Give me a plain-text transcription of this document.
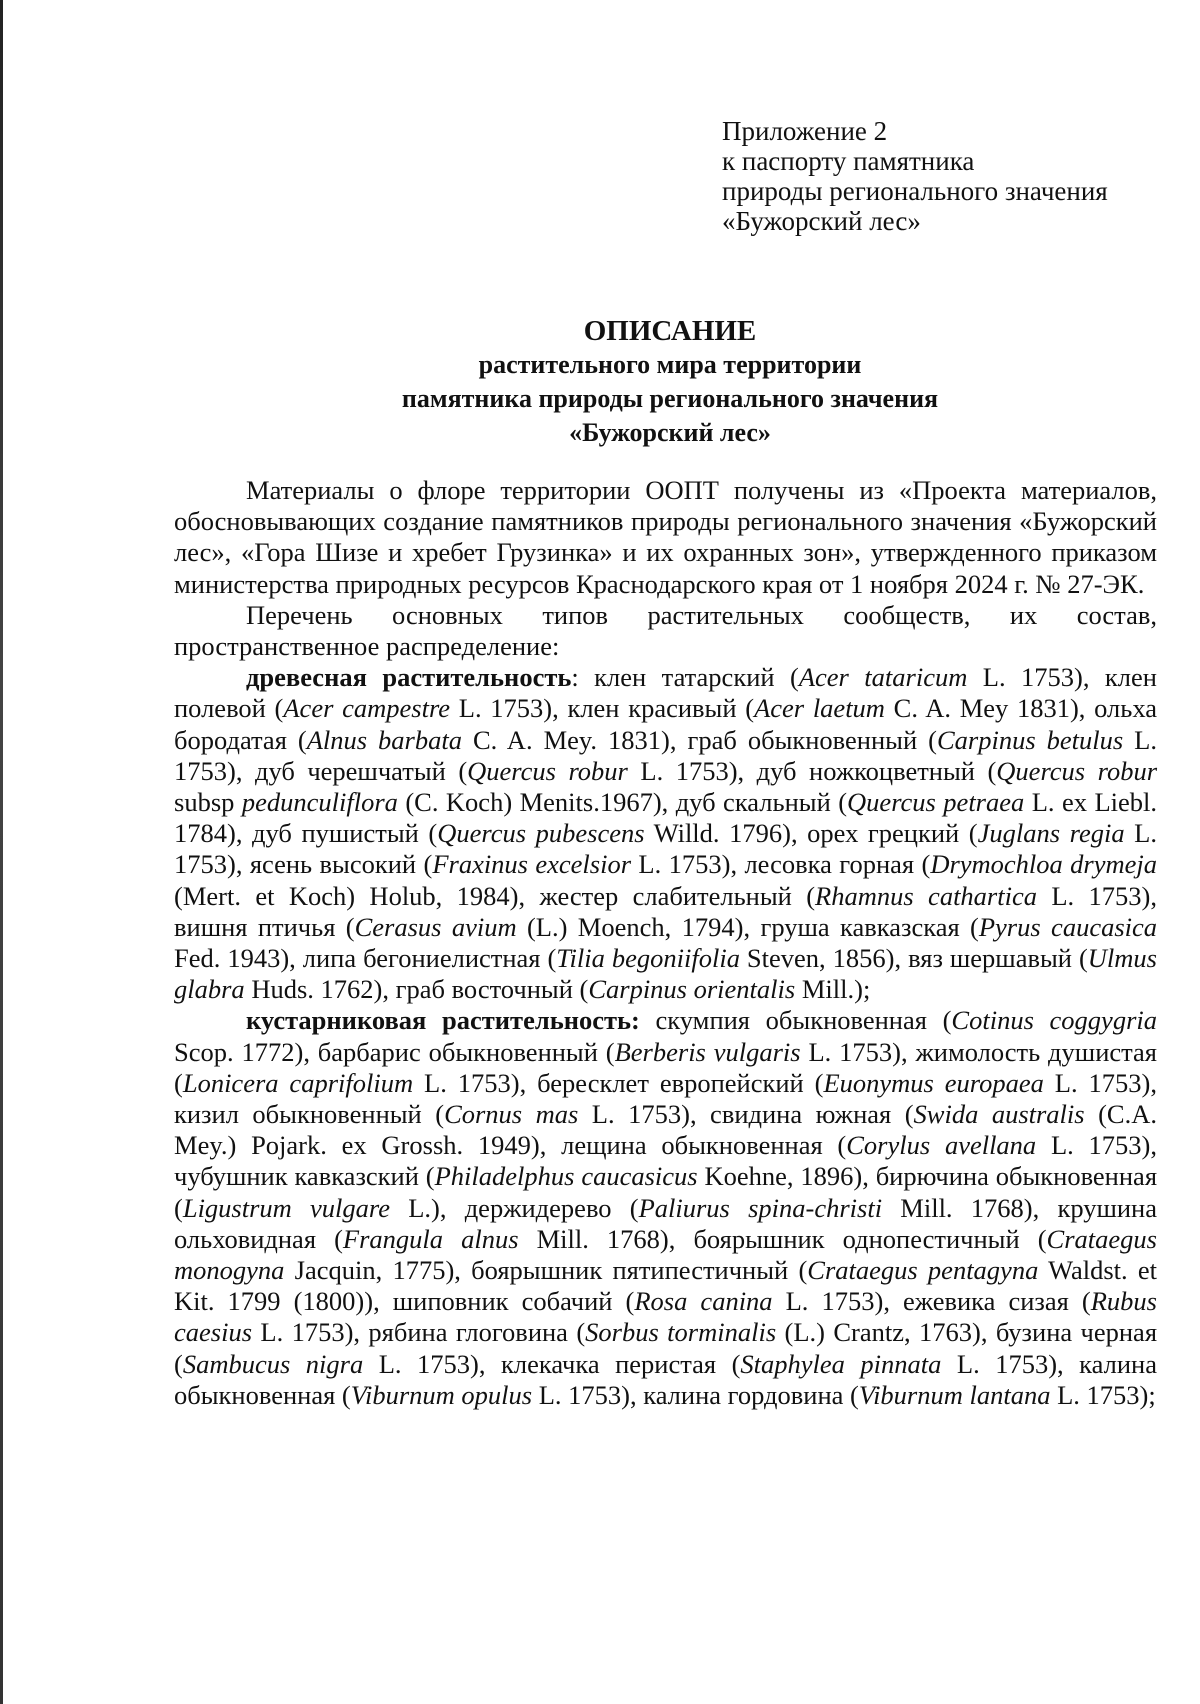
Приложение 2
к паспорту памятника
природы регионального значения
«Бужорский лес»
ОПИСАНИЕ
растительного мира территории
памятника природы регионального значения
«Бужорский лес»

Материалы о флоре территории ООПТ получены из «Проекта материалов, обосновывающих создание памятников природы регионального значения «Бужорский лес», «Гора Шизе и хребет Грузинка» и их охранных зон», утвержденного приказом министерства природных ресурсов Краснодарского края от 1 ноября 2024 г. № 27-ЭК.

Перечень основных типов растительных сообществ, их состав, пространственное распределение:

древесная растительность: клен татарский (Acer tataricum L. 1753), клен полевой (Acer campestre L. 1753), клен красивый (Acer laetum C. A. Mey 1831), ольха бородатая (Alnus barbata C. A. Mey. 1831), граб обыкновенный (Carpinus betulus L. 1753), дуб черешчатый (Quercus robur L. 1753), дуб ножкоцветный (Quercus robur subsp pedunculiflora (C. Koch) Menits.1967), дуб скальный (Quercus petraea L. ex Liebl. 1784), дуб пушистый (Quercus pubescens Willd. 1796), орех грецкий (Juglans regia L. 1753), ясень высокий (Fraxinus excelsior L. 1753), лесовка горная (Drymochloa drymeja (Mert. et Koch) Holub, 1984), жестер слабительный (Rhamnus cathartica L. 1753), вишня птичья (Cerasus avium (L.) Moench, 1794), груша кавказская (Pyrus caucasica Fed. 1943), липа бегониелистная (Tilia begoniifolia Steven, 1856), вяз шершавый (Ulmus glabra Huds. 1762), граб восточный (Carpinus orientalis Mill.);

кустарниковая растительность: скумпия обыкновенная (Cotinus coggygria Scop. 1772), барбарис обыкновенный (Berberis vulgaris L. 1753), жимолость душистая (Lonicera caprifolium L. 1753), бересклет европейский (Euonymus europaea L. 1753), кизил обыкновенный (Cornus mas L. 1753), свидина южная (Swida australis (C.A. Mey.) Pojark. ex Grossh. 1949), лещина обыкновенная (Corylus avellana L. 1753), чубушник кавказский (Philadelphus caucasicus Koehne, 1896), бирючина обыкновенная (Ligustrum vulgare L.), держидерево (Paliurus spina-christi Mill. 1768), крушина ольховидная (Frangula alnus Mill. 1768), боярышник однопестичный (Crataegus monogyna Jacquin, 1775), боярышник пятипестичный (Crataegus pentagyna Waldst. et Kit. 1799 (1800)), шиповник собачий (Rosa canina L. 1753), ежевика сизая (Rubus caesius L. 1753), рябина глоговина (Sorbus torminalis (L.) Crantz, 1763), бузина черная (Sambucus nigra L. 1753), клекачка перистая (Staphylea pinnata L. 1753), калина обыкновенная (Viburnum opulus L. 1753), калина гордовина (Viburnum lantana L. 1753);
